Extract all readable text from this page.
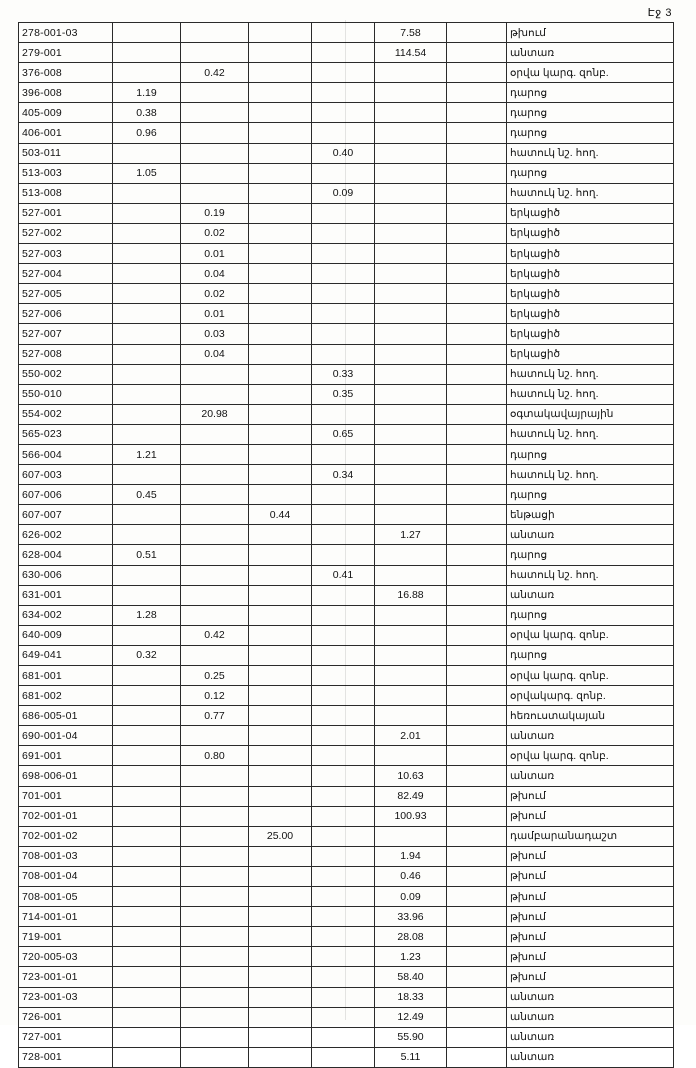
Էջ 3
278-001-03					7.58		թխում
279-001					114.54		անտառ
376-008		0.42					օրվա կարգ. զոնբ.
396-008	1.19						դարոց
405-009	0.38						դարոց
406-001	0.96						դարոց
503-011				0.40			հատուկ նշ. հող.
513-003	1.05						դարոց
513-008				0.09			հատուկ նշ. հող.
527-001		0.19					երկացիծ
527-002		0.02					երկացիծ
527-003		0.01					երկացիծ
527-004		0.04					երկացիծ
527-005		0.02					երկացիծ
527-006		0.01					երկացիծ
527-007		0.03					երկացիծ
527-008		0.04					երկացիծ
550-002				0.33			հատուկ նշ. հող.
550-010				0.35			հատուկ նշ. հող.
554-002		20.98					օգտակավայրային
565-023				0.65			հատուկ նշ. հող.
566-004	1.21						դարոց
607-003				0.34			հատուկ նշ. հող.
607-006	0.45						դարոց
607-007			0.44				ենթացի
626-002					1.27		անտառ
628-004	0.51						դարոց
630-006				0.41			հատուկ նշ. հող.
631-001					16.88		անտառ
634-002	1.28						դարոց
640-009		0.42					օրվա կարգ. զոնբ.
649-041	0.32						դարոց
681-001		0.25					օրվա կարգ. զոնբ.
681-002		0.12					օրվակարգ. զոնբ.
686-005-01		0.77					հեռուստակայան
690-001-04					2.01		անտառ
691-001		0.80					օրվա կարգ. զոնբ.
698-006-01					10.63		անտառ
701-001					82.49		թխում
702-001-01					100.93		թխում
702-001-02			25.00				դամբարանադաշտ
708-001-03					1.94		թխում
708-001-04					0.46		թխում
708-001-05					0.09		թխում
714-001-01					33.96		թխում
719-001					28.08		թխում
720-005-03					1.23		թխում
723-001-01					58.40		թխում
723-001-03					18.33		անտառ
726-001					12.49		անտառ
727-001					55.90		անտառ
728-001					5.11		անտառ
